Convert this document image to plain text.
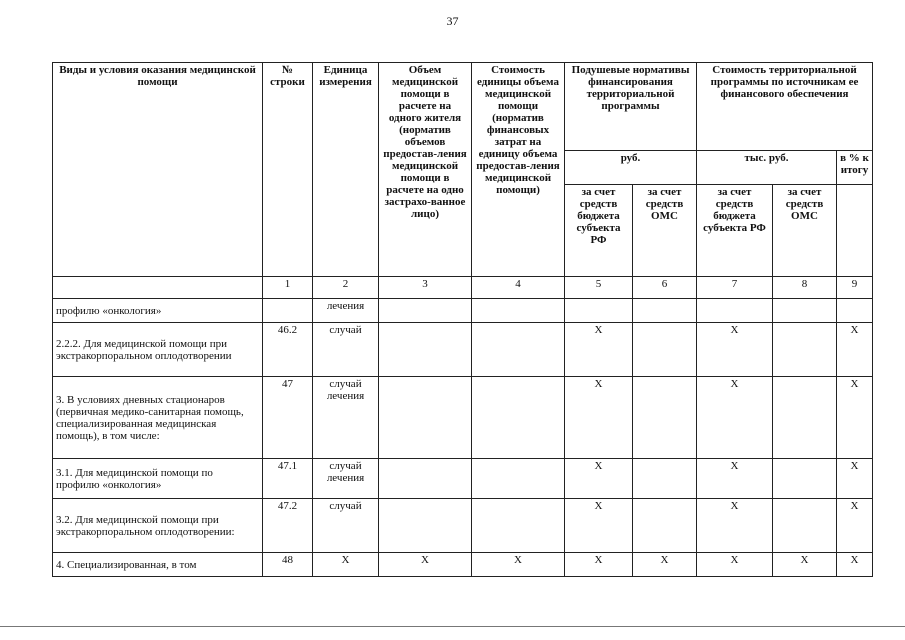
37
Виды и условия оказания медицинской помощи	№ строки	Единица измерения	Объем медицинской помощи в расчете на одного жителя (норматив объемов предостав-ления медицинской помощи в расчете на одно застрахо-ванное лицо)	Стоимость единицы объема медицинской помощи (норматив финансовых затрат на единицу объема предостав-ления медицинской помощи)	Подушевые нормативы финансирования территориальной программы		Стоимость территориальной программы по источникам ее финансового обеспечения		
					руб.		тыс. руб.		в % к итогу
					за счет средств бюджета субъекта РФ	за счет средств ОМС	за счет средств бюджета субъекта РФ	за счет средств ОМС	
	1	2	3	4	5	6	7	8	9
профилю «онкология»		лечения							
2.2.2. Для медицинской помощи при экстракорпоральном оплодотворении	46.2	случай			Х		Х		Х
3. В условиях дневных стационаров (первичная медико-санитарная помощь, специализированная медицинская помощь), в том числе:	47	случай лечения			Х		Х		Х
3.1. Для медицинской помощи по профилю «онкология»	47.1	случай лечения			Х		Х		Х
3.2. Для медицинской помощи при экстракорпоральном оплодотворении:	47.2	случай			Х		Х		Х
4. Специализированная, в том	48	Х	Х	Х	Х	Х	Х	Х	Х
